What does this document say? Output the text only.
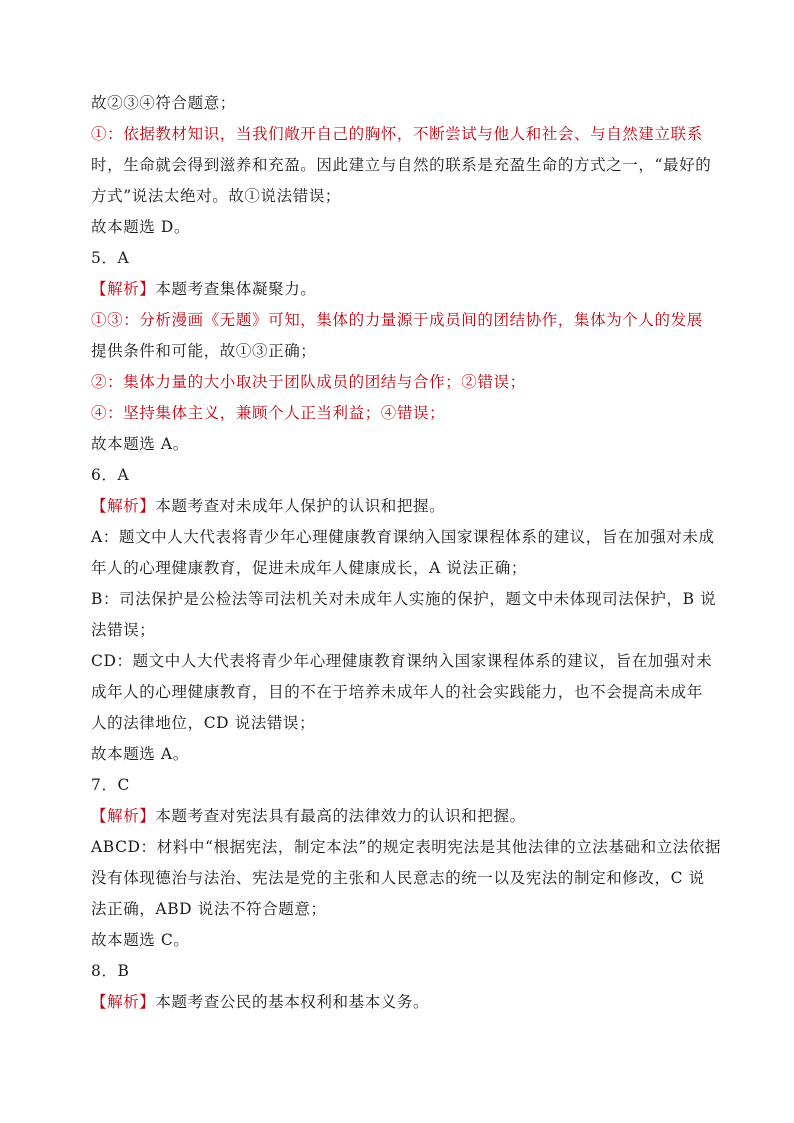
故②③④符合题意；
①：依据教材知识，当我们敞开自己的胸怀，不断尝试与他人和社会、与自然建立联系
时，生命就会得到滋养和充盈。因此建立与自然的联系是充盈生命的方式之一，“最好的
方式”说法太绝对。故①说法错误；
故本题选 D。
5．A
【解析】本题考查集体凝聚力。
①③：分析漫画《无题》可知，集体的力量源于成员间的团结协作，集体为个人的发展
提供条件和可能，故①③正确；
②：集体力量的大小取决于团队成员的团结与合作；②错误；
④：坚持集体主义，兼顾个人正当利益；④错误；
故本题选 A。
6．A
【解析】本题考查对未成年人保护的认识和把握。
A：题文中人大代表将青少年心理健康教育课纳入国家课程体系的建议，旨在加强对未成
年人的心理健康教育，促进未成年人健康成长，A 说法正确；
B：司法保护是公检法等司法机关对未成年人实施的保护，题文中未体现司法保护，B 说
法错误；
CD：题文中人大代表将青少年心理健康教育课纳入国家课程体系的建议，旨在加强对未
成年人的心理健康教育，目的不在于培养未成年人的社会实践能力，也不会提高未成年
人的法律地位，CD 说法错误；
故本题选 A。
7．C
【解析】本题考查对宪法具有最高的法律效力的认识和把握。
ABCD：材料中“根据宪法，制定本法”的规定表明宪法是其他法律的立法基础和立法依据
没有体现德治与法治、宪法是党的主张和人民意志的统一以及宪法的制定和修改，C 说
法正确，ABD 说法不符合题意；
故本题选 C。
8．B
【解析】本题考查公民的基本权利和基本义务。
